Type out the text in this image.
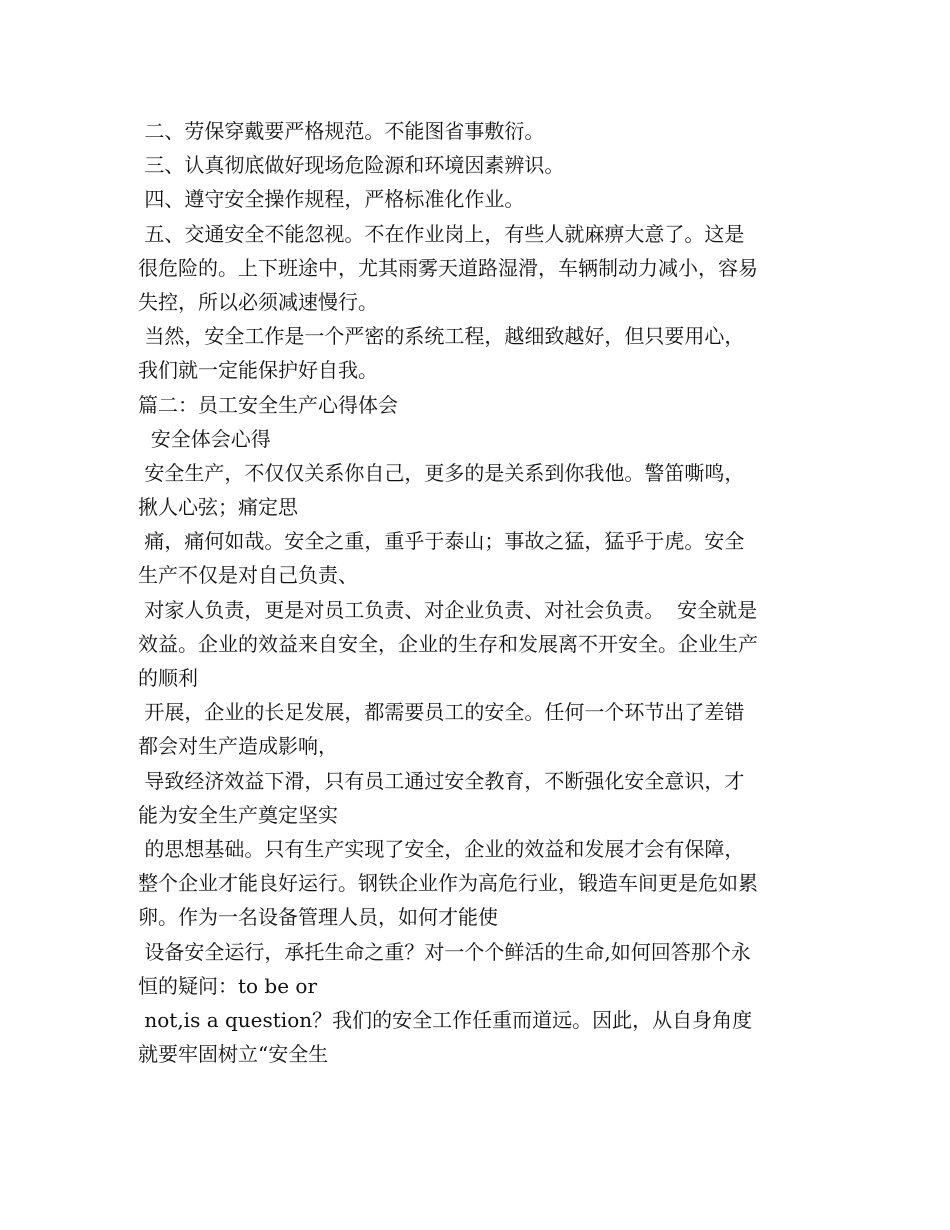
二、劳保穿戴要严格规范。不能图省事敷衍。
三、认真彻底做好现场危险源和环境因素辨识。
四、遵守安全操作规程，严格标准化作业。
五、交通安全不能忽视。不在作业岗上，有些人就麻痹大意了。这是
很危险的。上下班途中，尤其雨雾天道路湿滑，车辆制动力减小，容易
失控，所以必须减速慢行。
当然，安全工作是一个严密的系统工程，越细致越好，但只要用心，
我们就一定能保护好自我。
篇二：员工安全生产心得体会
安全体会心得
安全生产，不仅仅关系你自己，更多的是关系到你我他。警笛嘶鸣，
揪人心弦；痛定思
痛，痛何如哉。安全之重，重乎于泰山；事故之猛，猛乎于虎。安全
生产不仅是对自己负责、
对家人负责，更是对员工负责、对企业负责、对社会负责。  安全就是
效益。企业的效益来自安全，企业的生存和发展离不开安全。企业生产
的顺利
开展，企业的长足发展，都需要员工的安全。任何一个环节出了差错
都会对生产造成影响，
导致经济效益下滑，只有员工通过安全教育，不断强化安全意识，才
能为安全生产奠定坚实
的思想基础。只有生产实现了安全，企业的效益和发展才会有保障，
整个企业才能良好运行。钢铁企业作为高危行业，锻造车间更是危如累
卵。作为一名设备管理人员，如何才能使
设备安全运行，承托生命之重？对一个个鲜活的生命,如何回答那个永
恒的疑问：to be or
not,is a question？我们的安全工作任重而道远。因此，从自身角度
就要牢固树立“安全生
